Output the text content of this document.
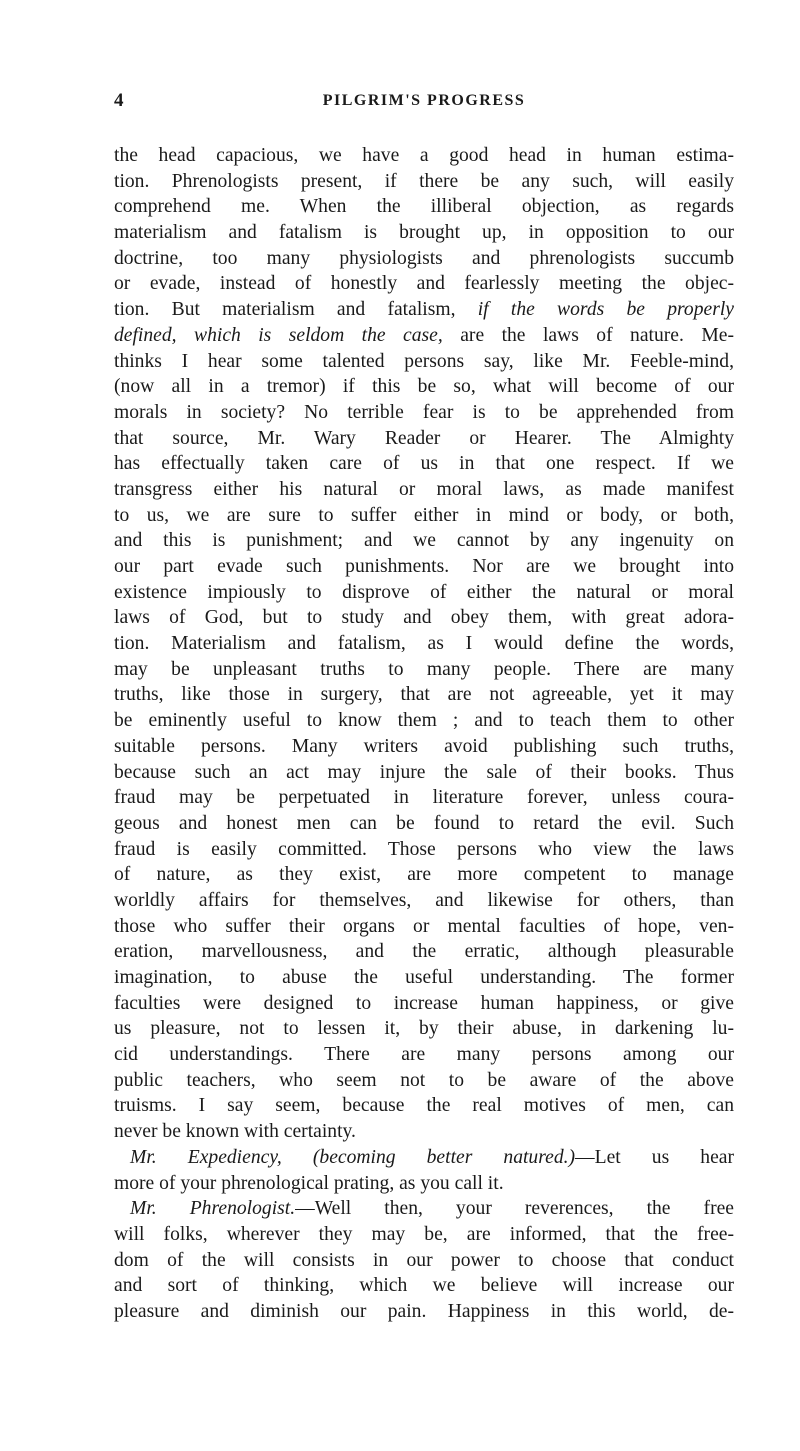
4	PILGRIM'S PROGRESS
the head capacious, we have a good head in human estima-
tion. Phrenologists present, if there be any such, will easily
comprehend me. When the illiberal objection, as regards
materialism and fatalism is brought up, in opposition to our
doctrine, too many physiologists and phrenologists succumb
or evade, instead of honestly and fearlessly meeting the objec-
tion. But materialism and fatalism, if the words be properly
defined, which is seldom the case, are the laws of nature. Me-
thinks I hear some talented persons say, like Mr. Feeble-mind,
(now all in a tremor) if this be so, what will become of our
morals in society? No terrible fear is to be apprehended from
that source, Mr. Wary Reader or Hearer. The Almighty
has effectually taken care of us in that one respect. If we
transgress either his natural or moral laws, as made manifest
to us, we are sure to suffer either in mind or body, or both,
and this is punishment; and we cannot by any ingenuity on
our part evade such punishments. Nor are we brought into
existence impiously to disprove of either the natural or moral
laws of God, but to study and obey them, with great adora-
tion. Materialism and fatalism, as I would define the words,
may be unpleasant truths to many people. There are many
truths, like those in surgery, that are not agreeable, yet it may
be eminently useful to know them ; and to teach them to other
suitable persons. Many writers avoid publishing such truths,
because such an act may injure the sale of their books. Thus
fraud may be perpetuated in literature forever, unless coura-
geous and honest men can be found to retard the evil. Such
fraud is easily committed. Those persons who view the laws
of nature, as they exist, are more competent to manage
worldly affairs for themselves, and likewise for others, than
those who suffer their organs or mental faculties of hope, ven-
eration, marvellousness, and the erratic, although pleasurable
imagination, to abuse the useful understanding. The former
faculties were designed to increase human happiness, or give
us pleasure, not to lessen it, by their abuse, in darkening lu-
cid understandings. There are many persons among our
public teachers, who seem not to be aware of the above
truisms. I say seem, because the real motives of men, can
never be known with certainty.
Mr. Expediency, (becoming better natured.)—Let us hear
more of your phrenological prating, as you call it.
Mr. Phrenologist.—Well then, your reverences, the free
will folks, wherever they may be, are informed, that the free-
dom of the will consists in our power to choose that conduct
and sort of thinking, which we believe will increase our
pleasure and diminish our pain. Happiness in this world, de-
